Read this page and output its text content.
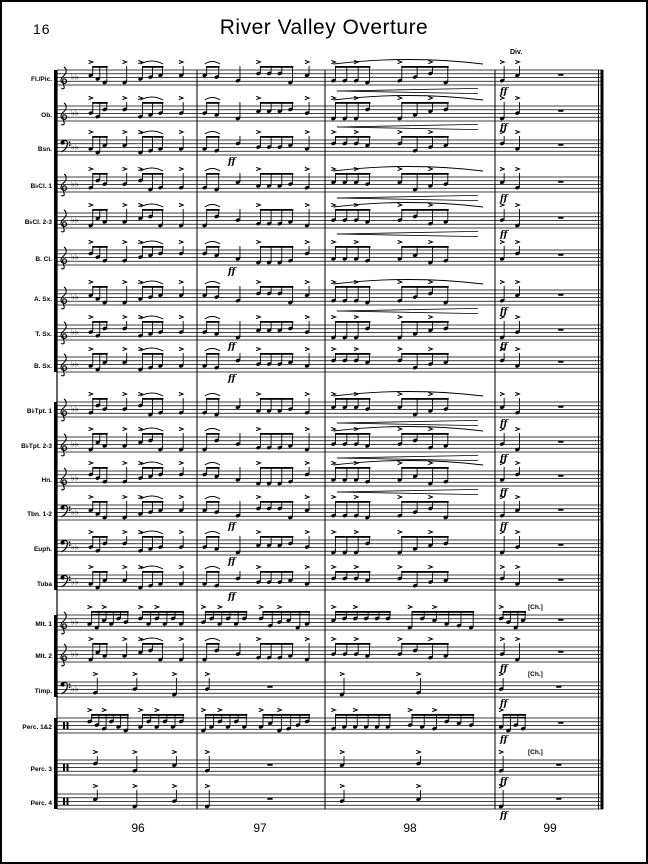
16	River Valley Overture
Fl./Pic. ♭♭
ff
Div.
Ob. ♭♭
ff
Bsn. ♭♭
ff
B♭Cl. 1 ♭♭
ff
B♭Cl. 2-3 ♭♭
ff
B. Cl. ♭♭
ff
A. Sx. ♭♭
ff
T. Sx. ♭♭
ff	ff
B. Sx. ♭♭
ff
B♭Tpt. 1 ♭♭
ff
B♭Tpt. 2-3 ♭♭
ff
Hn. ♭♭
ff
Tbn. 1-2 ♭♭
ff	ff
Euph. ♭♭
ff
Tuba ♭♭
ff
Mlt. 1 ♭♭
[Ch.]
Mlt. 2 ♭♭
ff
Timp. ♭♭
ff
[Ch.]
Perc. 1&2
ff
Perc. 3
ff
[Ch.]
Perc. 4
ff
96	97	98	99
